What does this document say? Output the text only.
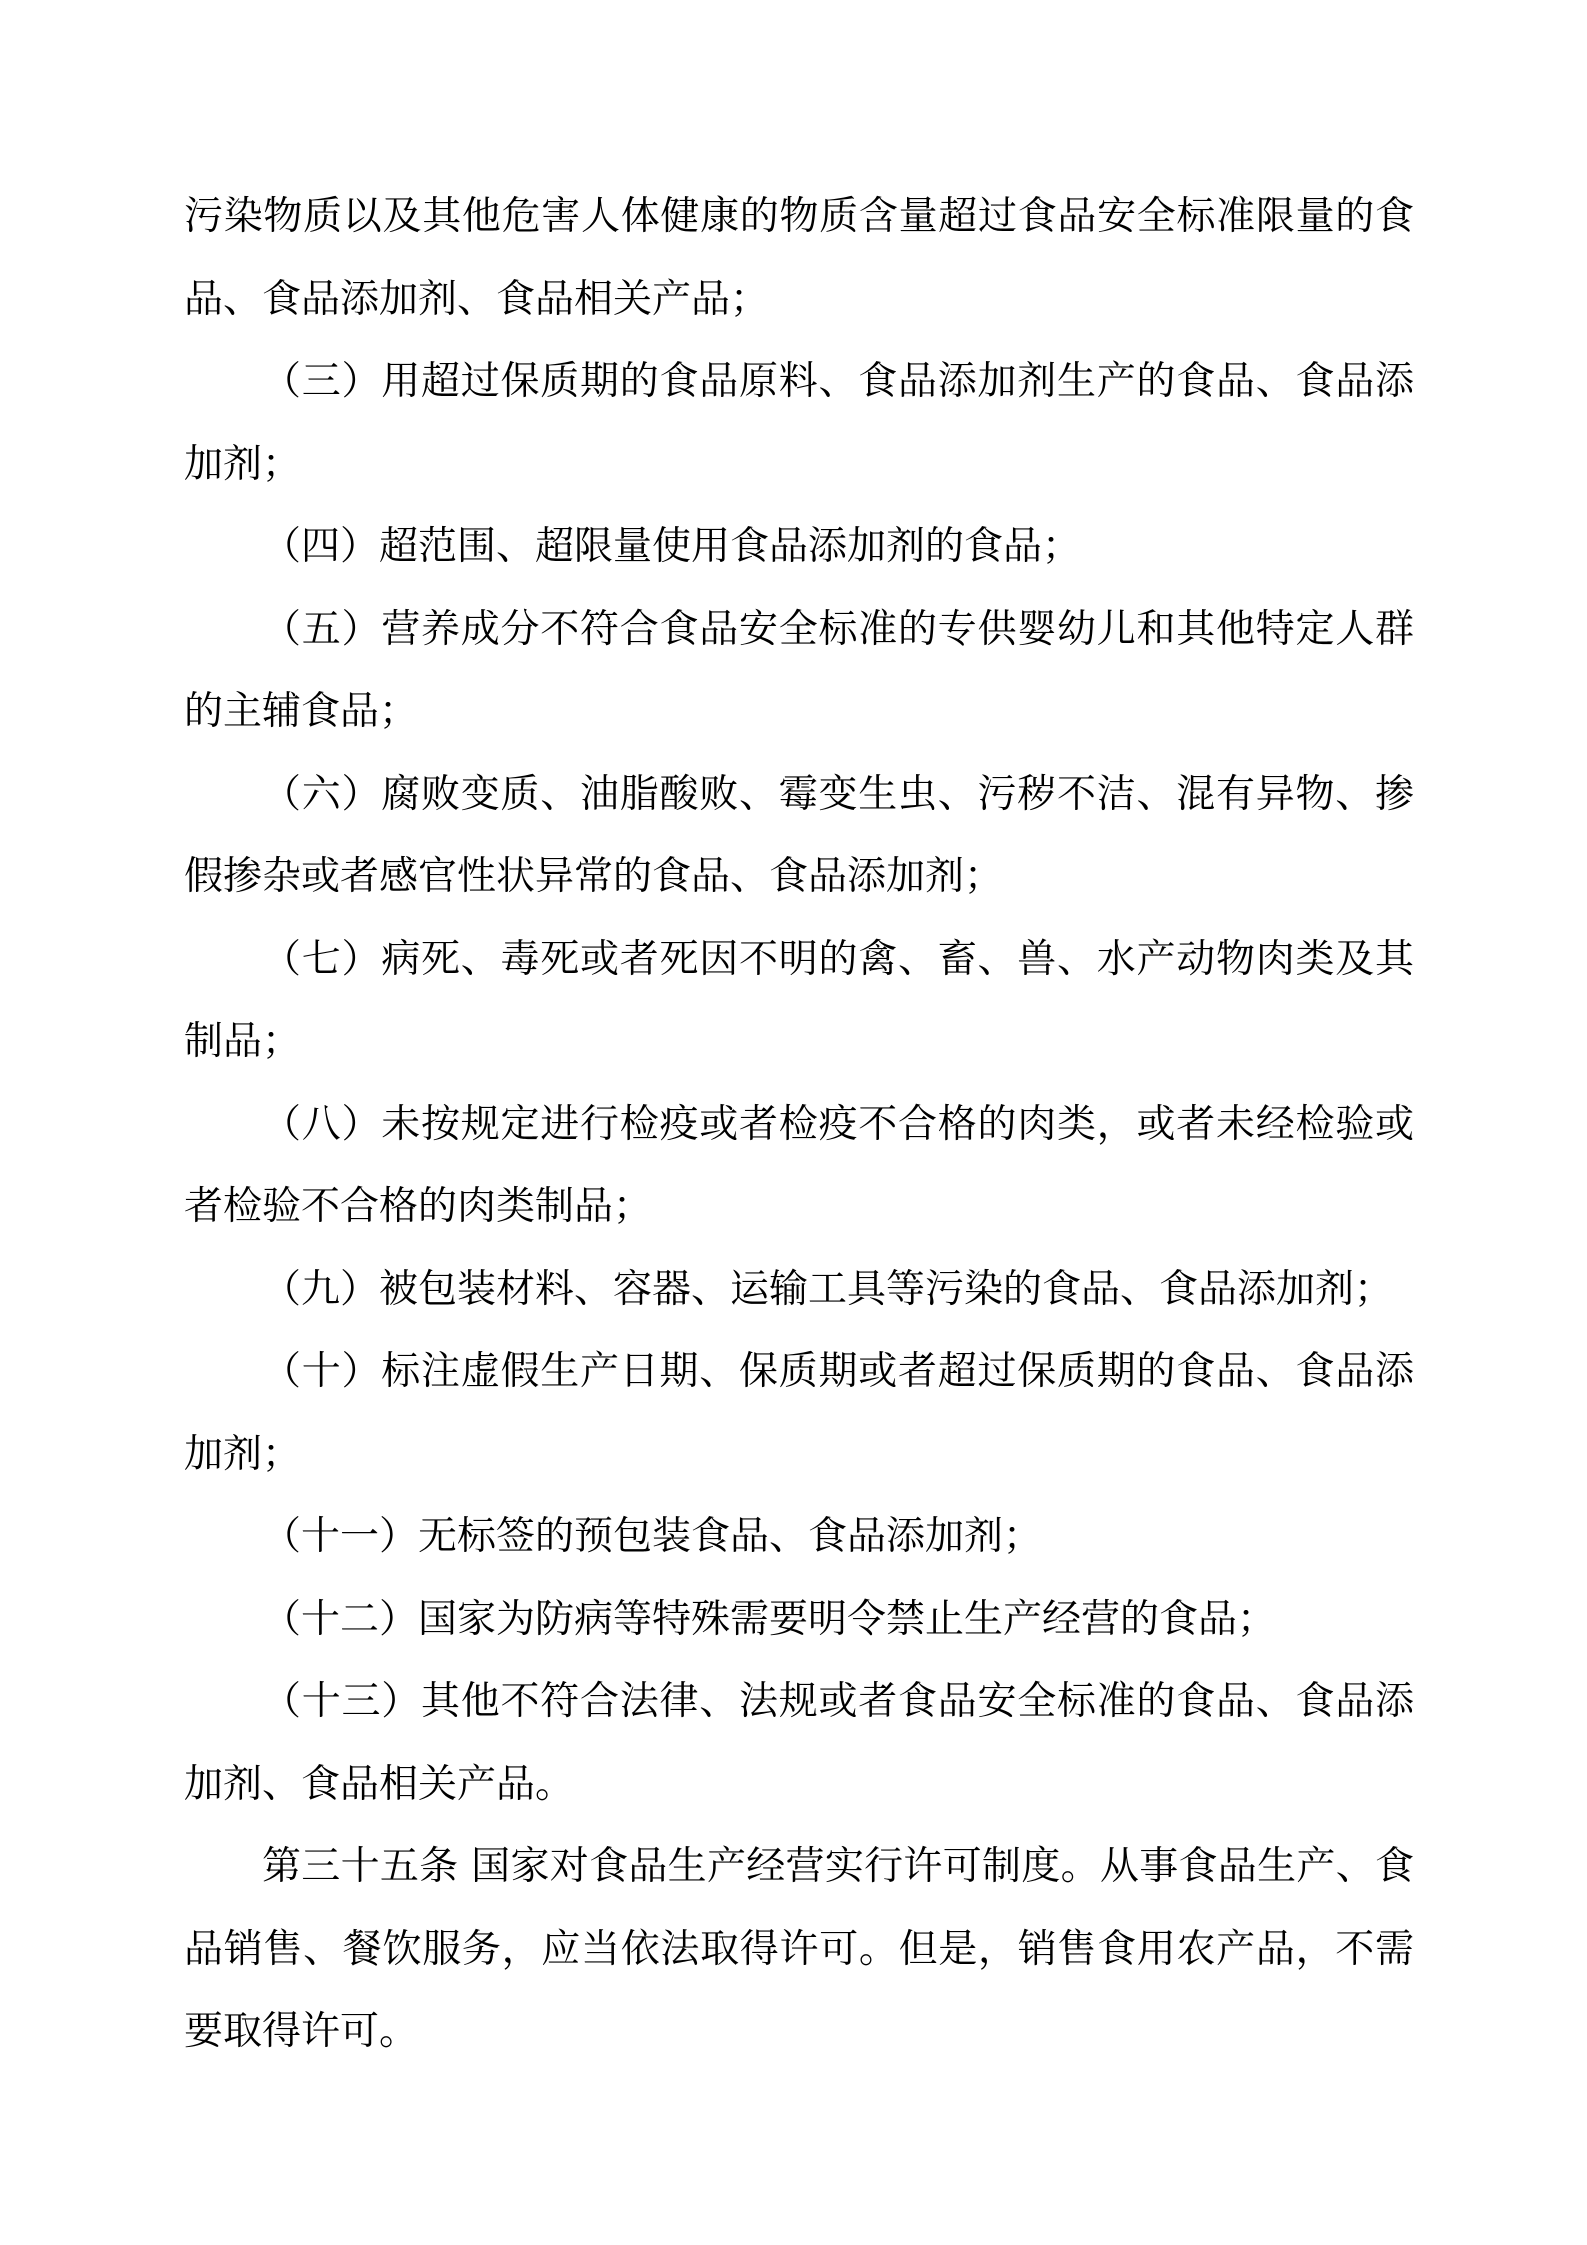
污染物质以及其他危害人体健康的物质含量超过食品安全标准限量的食品、食品添加剂、食品相关产品；

（三）用超过保质期的食品原料、食品添加剂生产的食品、食品添加剂；

（四）超范围、超限量使用食品添加剂的食品；

（五）营养成分不符合食品安全标准的专供婴幼儿和其他特定人群的主辅食品；

（六）腐败变质、油脂酸败、霉变生虫、污秽不洁、混有异物、掺假掺杂或者感官性状异常的食品、食品添加剂；

（七）病死、毒死或者死因不明的禽、畜、兽、水产动物肉类及其制品；

（八）未按规定进行检疫或者检疫不合格的肉类，或者未经检验或者检验不合格的肉类制品；

（九）被包装材料、容器、运输工具等污染的食品、食品添加剂；

（十）标注虚假生产日期、保质期或者超过保质期的食品、食品添加剂；

（十一）无标签的预包装食品、食品添加剂；

（十二）国家为防病等特殊需要明令禁止生产经营的食品；

（十三）其他不符合法律、法规或者食品安全标准的食品、食品添加剂、食品相关产品。

第三十五条 国家对食品生产经营实行许可制度。从事食品生产、食品销售、餐饮服务，应当依法取得许可。但是，销售食用农产品，不需要取得许可。
